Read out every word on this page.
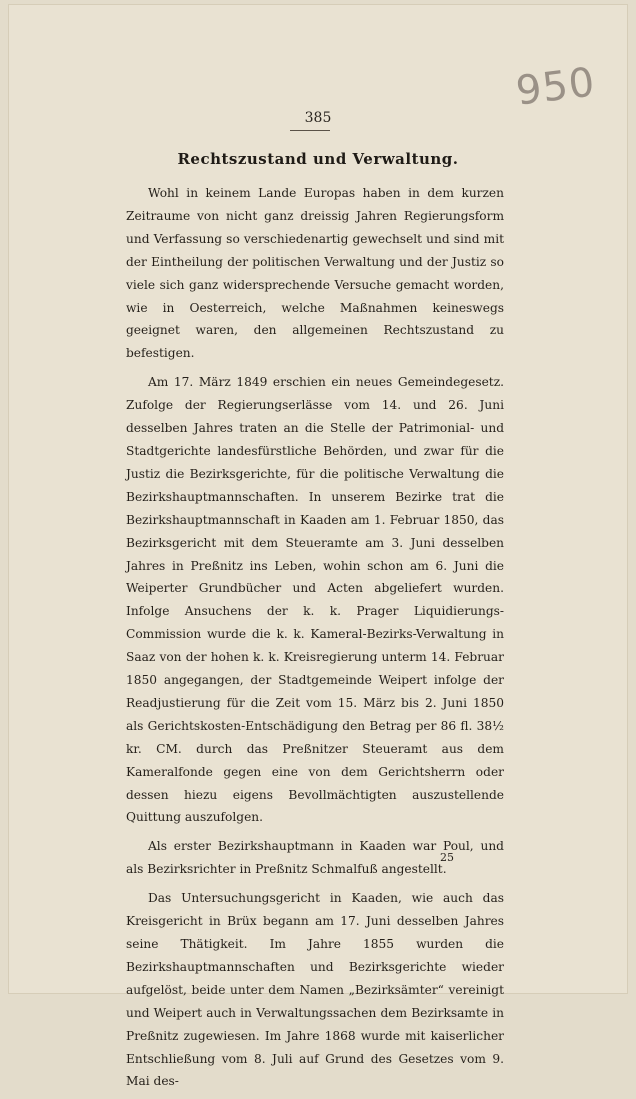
950
385
Rechtszustand und Verwaltung.

Wohl in keinem Lande Europas haben in dem kurzen Zeitraume von nicht ganz dreissig Jahren Regierungsform und Verfassung so verschiedenartig gewechselt und sind mit der Eintheilung der politischen Verwaltung und der Justiz so viele sich ganz widersprechende Versuche gemacht worden, wie in Oesterreich, welche Maßnahmen keineswegs geeignet waren, den allgemeinen Rechtszustand zu befestigen.

Am 17. März 1849 erschien ein neues Gemeindegesetz. Zufolge der Regierungserlässe vom 14. und 26. Juni desselben Jahres traten an die Stelle der Patrimonial- und Stadtgerichte landesfürstliche Behörden, und zwar für die Justiz die Bezirksgerichte, für die politische Verwaltung die Bezirkshauptmannschaften. In unserem Bezirke trat die Bezirkshauptmannschaft in Kaaden am 1. Februar 1850, das Bezirksgericht mit dem Steueramte am 3. Juni desselben Jahres in Preßnitz ins Leben, wohin schon am 6. Juni die Weiperter Grundbücher und Acten abgeliefert wurden. Infolge Ansuchens der k. k. Prager Liquidierungs-Commission wurde die k. k. Kameral-Bezirks-Verwaltung in Saaz von der hohen k. k. Kreisregierung unterm 14. Februar 1850 angegangen, der Stadtgemeinde Weipert infolge der Readjustierung für die Zeit vom 15. März bis 2. Juni 1850 als Gerichtskosten-Entschädigung den Betrag per 86 fl. 38½ kr. CM. durch das Preßnitzer Steueramt aus dem Kameralfonde gegen eine von dem Gerichtsherrn oder dessen hiezu eigens Bevollmächtigten auszustellende Quittung auszufolgen.

Als erster Bezirkshauptmann in Kaaden war Poul, und als Bezirksrichter in Preßnitz Schmalfuß angestellt.

Das Untersuchungsgericht in Kaaden, wie auch das Kreisgericht in Brüx begann am 17. Juni desselben Jahres seine Thätigkeit. Im Jahre 1855 wurden die Bezirkshauptmannschaften und Bezirksgerichte wieder aufgelöst, beide unter dem Namen „Bezirksämter“ vereinigt und Weipert auch in Verwaltungssachen dem Bezirksamte in Preßnitz zugewiesen. Im Jahre 1868 wurde mit kaiserlicher Entschließung vom 8. Juli auf Grund des Gesetzes vom 9. Mai des-

25
